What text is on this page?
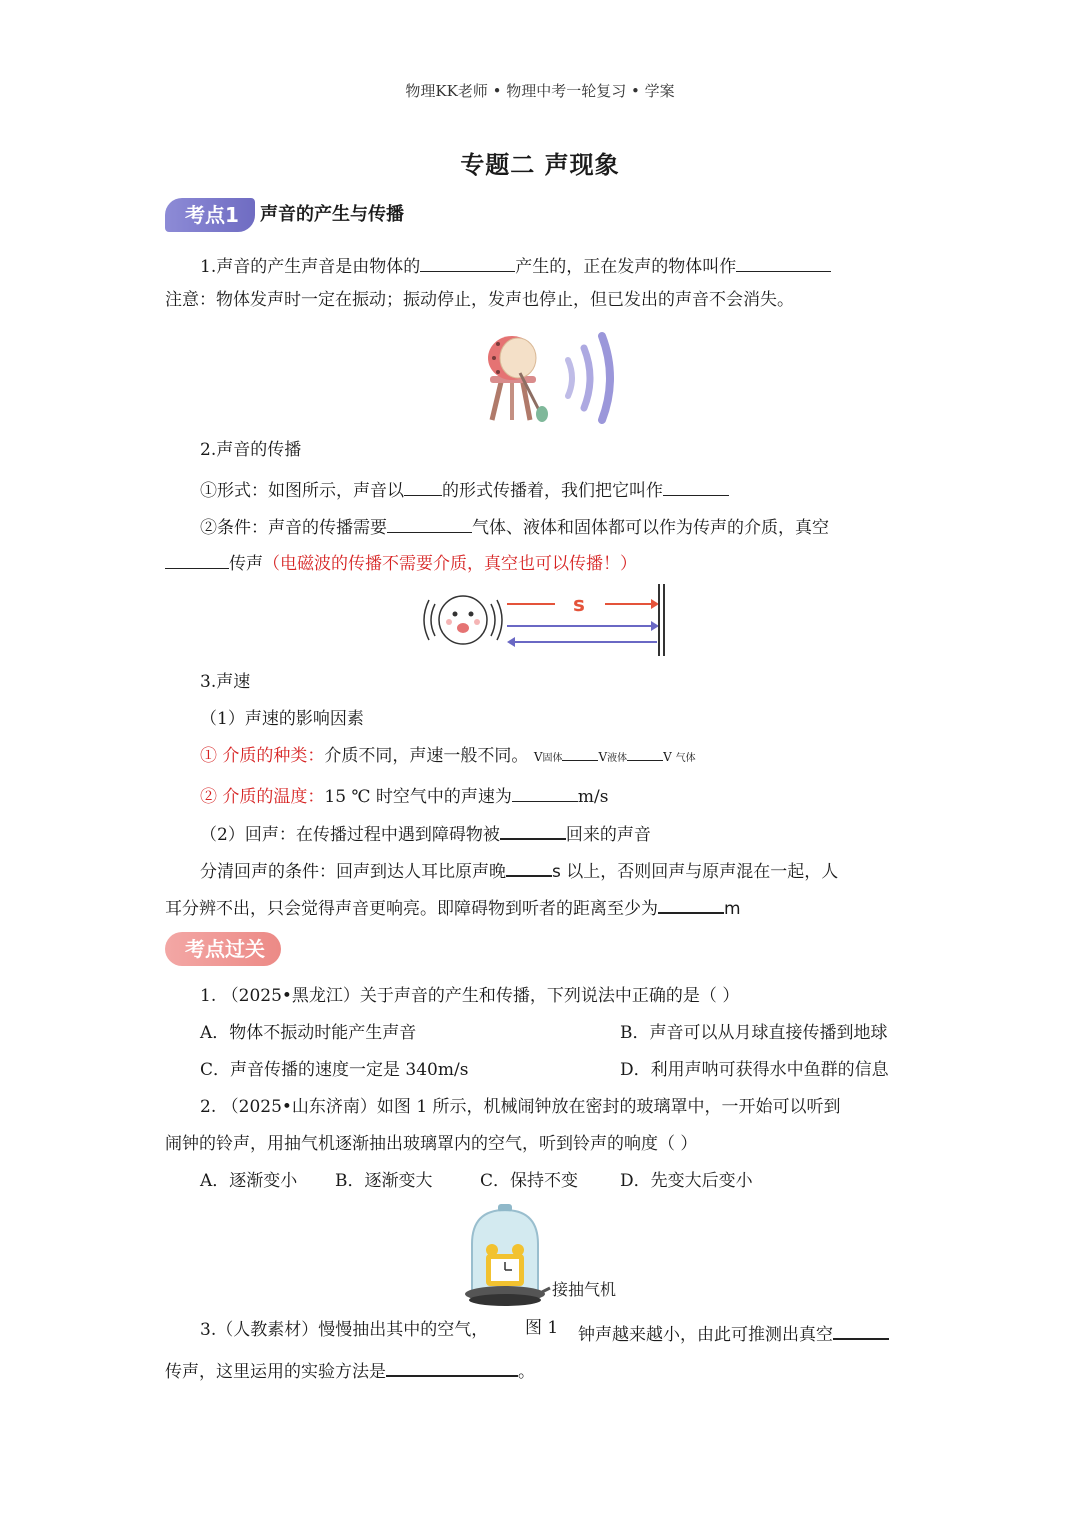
物理KK老师 • 物理中考一轮复习 • 学案
专题二 声现象
考点1	声音的产生与传播
1.声音的产生声音是由物体的	产生的，正在发声的物体叫作
注意：物体发声时一定在振动；振动停止，发声也停止，但已发出的声音不会消失。
2.声音的传播
①形式：如图所示，声音以 的形式传播着，我们把它叫作
②条件：声音的传播需要	气体、液体和固体都可以作为传声的介质，真空
传声（电磁波的传播不需要介质，真空也可以传播！）
s
3.声速
（1）声速的影响因素
① 介质的种类：介质不同，声速一般不同。 V固体	V液体	V 气体
② 介质的温度：15 ℃ 时空气中的声速为	m/s
（2）回声：在传播过程中遇到障碍物被	回来的声音
分清回声的条件：回声到达人耳比原声晚	s 以上，否则回声与原声混在一起，人
耳分辨不出，只会觉得声音更响亮。即障碍物到听者的距离至少为	m
考点过关
1. （2025•黑龙江）关于声音的产生和传播，下列说法中正确的是（ ）
A．物体不振动时能产生声音	B．声音可以从月球直接传播到地球
C．声音传播的速度一定是 340m/s	D．利用声呐可获得水中鱼群的信息
2. （2025•山东济南）如图 1 所示，机械闹钟放在密封的玻璃罩中，一开始可以听到
闹钟的铃声，用抽气机逐渐抽出玻璃罩内的空气，听到铃声的响度（ ）
A．逐渐变小 B．逐渐变大	C．保持不变 D．先变大后变小
接抽气机
3.（人教素材）慢慢抽出其中的空气， 图 1 钟声越来越小，由此可推测出真空
传声，这里运用的实验方法是	。
